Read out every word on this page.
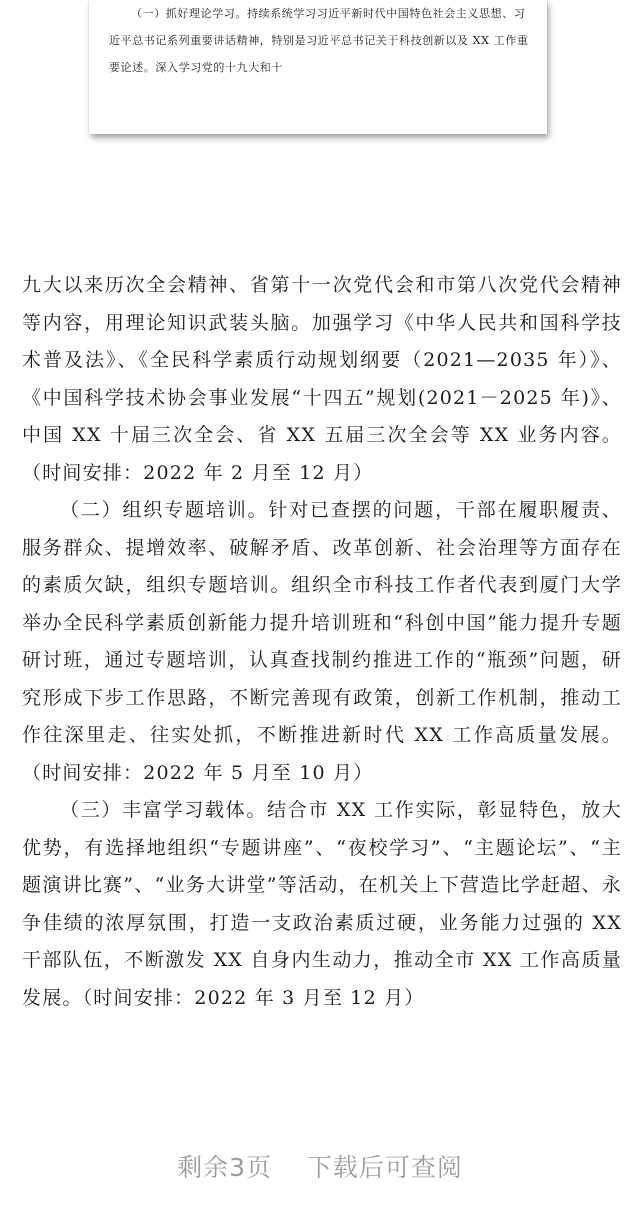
（一）抓好理论学习。持续系统学习习近平新时代中国特色社会主义思想、习近平总书记系列重要讲话精神，特别是习近平总书记关于科技创新以及 XX 工作重要论述。深入学习党的十九大和十

九大以来历次全会精神、省第十一次党代会和市第八次党代会精神等内容，用理论知识武装头脑。加强学习《中华人民共和国科学技术普及法》、《全民科学素质行动规划纲要（2021—2035 年）》、《中国科学技术协会事业发展“十四五”规划(2021－2025 年)》、中国 XX 十届三次全会、省 XX 五届三次全会等 XX 业务内容。（时间安排：2022 年 2 月至 12 月）

（二）组织专题培训。针对已查摆的问题，干部在履职履责、服务群众、提增效率、破解矛盾、改革创新、社会治理等方面存在的素质欠缺，组织专题培训。组织全市科技工作者代表到厦门大学举办全民科学素质创新能力提升培训班和“科创中国”能力提升专题研讨班，通过专题培训，认真查找制约推进工作的“瓶颈”问题，研究形成下步工作思路，不断完善现有政策，创新工作机制，推动工作往深里走、往实处抓，不断推进新时代 XX 工作高质量发展。（时间安排：2022 年 5 月至 10 月）

（三）丰富学习载体。结合市 XX 工作实际，彰显特色，放大优势，有选择地组织“专题讲座”、“夜校学习”、“主题论坛”、“主题演讲比赛”、“业务大讲堂”等活动，在机关上下营造比学赶超、永争佳绩的浓厚氛围，打造一支政治素质过硬，业务能力过强的 XX 干部队伍，不断激发 XX 自身内生动力，推动全市 XX 工作高质量发展。（时间安排：2022 年 3 月至 12 月）

剩余3页 下载后可查阅
